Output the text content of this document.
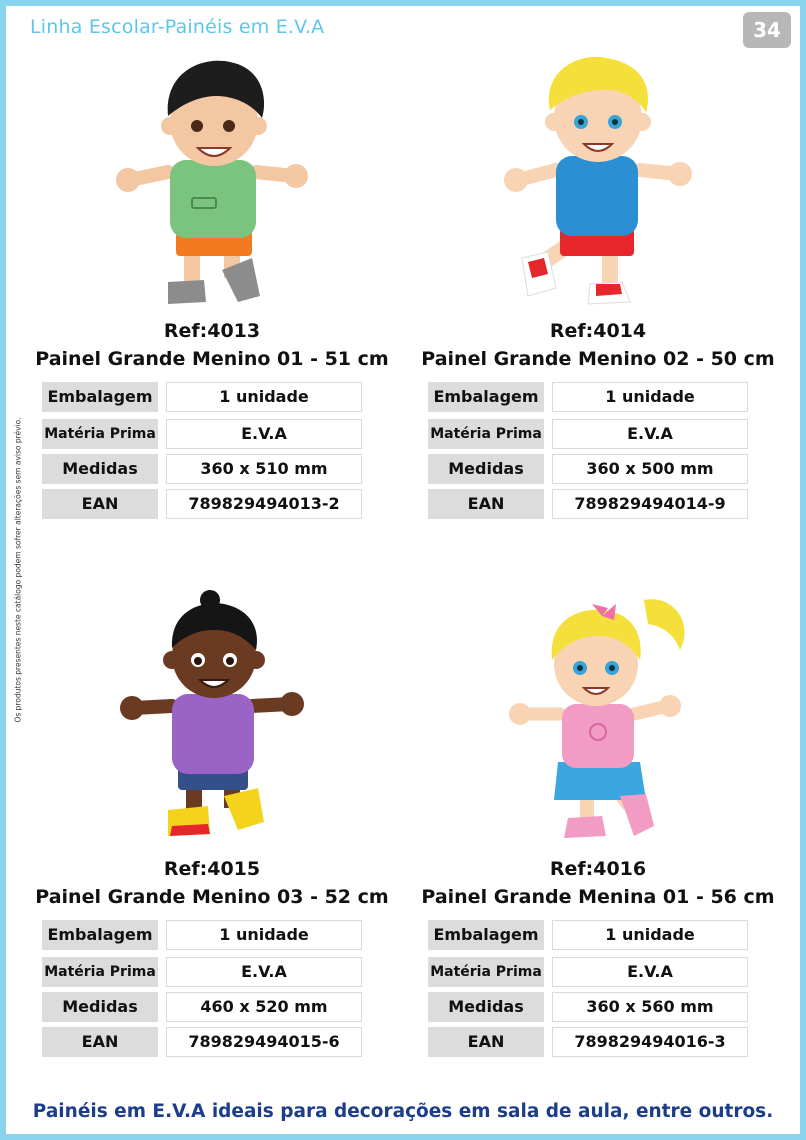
Linha Escolar-Painéis em E.V.A	34
Os produtos presentes neste catálogo podem sofrer alterações sem aviso prévio.
Ref:4013
Painel Grande Menino 01 - 51 cm
Embalagem	1 unidade
Matéria Prima	E.V.A
Medidas	360 x 510 mm
EAN	789829494013-2
Ref:4014
Painel Grande Menino 02 - 50 cm
Embalagem	1 unidade
Matéria Prima	E.V.A
Medidas	360 x 500 mm
EAN	789829494014-9
Ref:4015
Painel Grande Menino 03 - 52 cm
Embalagem	1 unidade
Matéria Prima	E.V.A
Medidas	460 x 520 mm
EAN	789829494015-6
Ref:4016
Painel Grande Menina 01 - 56 cm
Embalagem	1 unidade
Matéria Prima	E.V.A
Medidas	360 x 560 mm
EAN	789829494016-3
Painéis em E.V.A ideais para decorações em sala de aula, entre outros.
